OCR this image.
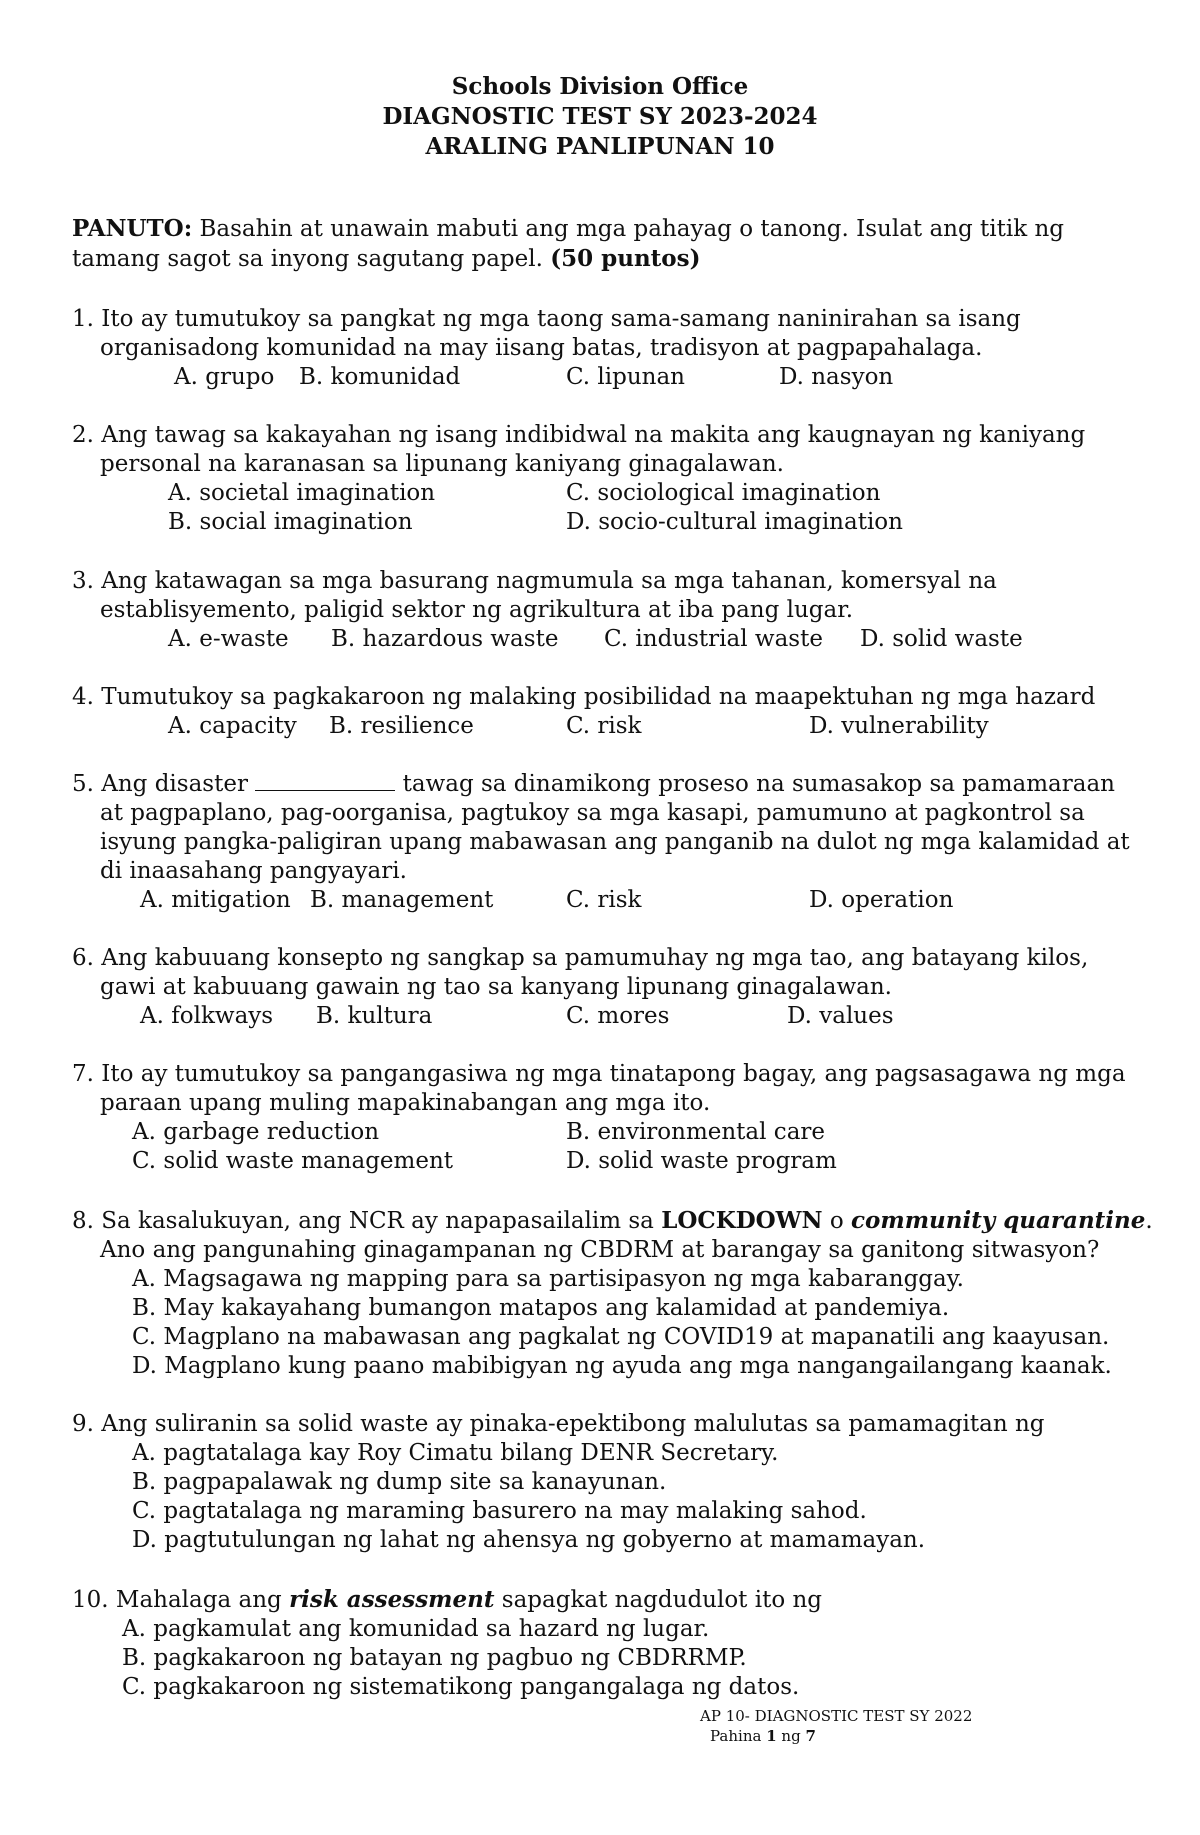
Schools Division Office
DIAGNOSTIC TEST SY 2023-2024
ARALING PANLIPUNAN 10
PANUTO: Basahin at unawain mabuti ang mga pahayag o tanong. Isulat ang titik ng tamang sagot sa inyong sagutang papel. (50 puntos)
1. Ito ay tumutukoy sa pangkat ng mga taong sama-samang naninirahan sa isang
organisadong komunidad na may iisang batas, tradisyon at pagpapahalaga.
A. grupo B. komunidad	C. lipunan	D. nasyon
2. Ang tawag sa kakayahan ng isang indibidwal na makita ang kaugnayan ng kaniyang
personal na karanasan sa lipunang kaniyang ginagalawan.
A. societal imagination	C. sociological imagination
B. social imagination	D. socio-cultural imagination
3. Ang katawagan sa mga basurang nagmumula sa mga tahanan, komersyal na
establisyemento, paligid sektor ng agrikultura at iba pang lugar.
A. e-waste B. hazardous waste C. industrial waste D. solid waste
4. Tumutukoy sa pagkakaroon ng malaking posibilidad na maapektuhan ng mga hazard
A. capacity B. resilience	C. risk	D. vulnerability
5. Ang disaster	tawag sa dinamikong proseso na sumasakop sa pamamaraan
at pagpaplano, pag-oorganisa, pagtukoy sa mga kasapi, pamumuno at pagkontrol sa
isyung pangka-paligiran upang mabawasan ang panganib na dulot ng mga kalamidad at
di inaasahang pangyayari.
A. mitigation B. management	C. risk	D. operation
6. Ang kabuuang konsepto ng sangkap sa pamumuhay ng mga tao, ang batayang kilos,
gawi at kabuuang gawain ng tao sa kanyang lipunang ginagalawan.
A. folkways B. kultura	C. mores	D. values
7. Ito ay tumutukoy sa pangangasiwa ng mga tinatapong bagay, ang pagsasagawa ng mga
paraan upang muling mapakinabangan ang mga ito.
A. garbage reduction	B. environmental care
C. solid waste management	D. solid waste program
8. Sa kasalukuyan, ang NCR ay napapasailalim sa LOCKDOWN o community quarantine.
Ano ang pangunahing ginagampanan ng CBDRM at barangay sa ganitong sitwasyon?
A. Magsagawa ng mapping para sa partisipasyon ng mga kabaranggay.
B. May kakayahang bumangon matapos ang kalamidad at pandemiya.
C. Magplano na mabawasan ang pagkalat ng COVID19 at mapanatili ang kaayusan.
D. Magplano kung paano mabibigyan ng ayuda ang mga nangangailangang kaanak.
9. Ang suliranin sa solid waste ay pinaka-epektibong malulutas sa pamamagitan ng
A. pagtatalaga kay Roy Cimatu bilang DENR Secretary.
B. pagpapalawak ng dump site sa kanayunan.
C. pagtatalaga ng maraming basurero na may malaking sahod.
D. pagtutulungan ng lahat ng ahensya ng gobyerno at mamamayan.
10. Mahalaga ang risk assessment sapagkat nagdudulot ito ng
A. pagkamulat ang komunidad sa hazard ng lugar.
B. pagkakaroon ng batayan ng pagbuo ng CBDRRMP.
C. pagkakaroon ng sistematikong pangangalaga ng datos.
AP 10- DIAGNOSTIC TEST SY 2022
Pahina 1 ng 7
